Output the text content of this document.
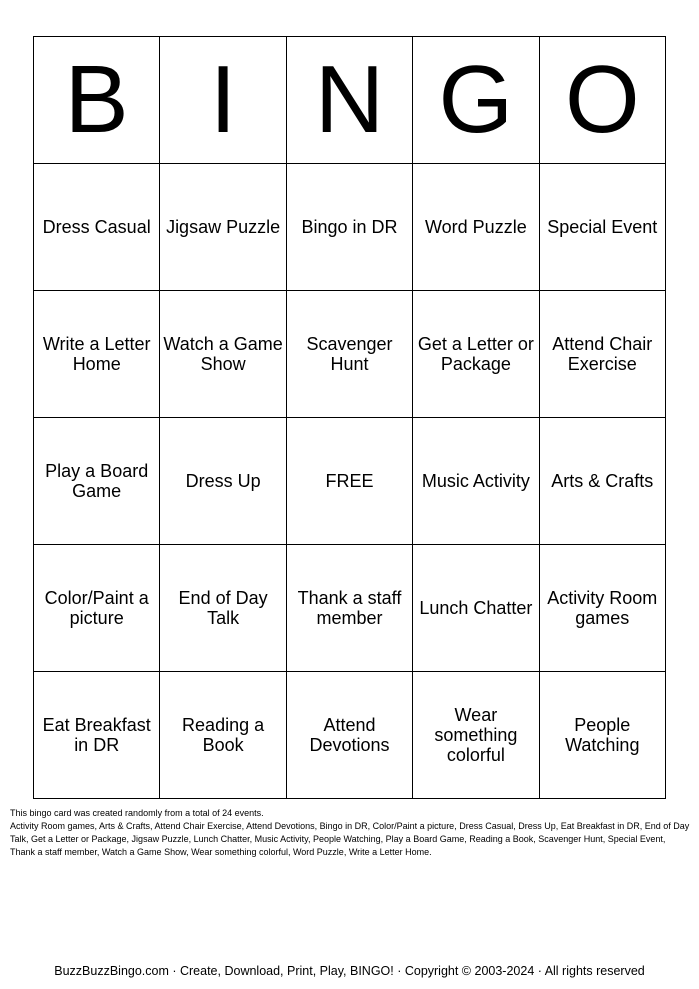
B	I	N	G	O
Dress Casual	Jigsaw Puzzle	Bingo in DR	Word Puzzle	Special Event
Write a Letter Home	Watch a Game Show	Scavenger Hunt	Get a Letter or Package	Attend Chair Exercise
Play a Board Game	Dress Up	FREE	Music Activity	Arts & Crafts
Color/Paint a picture	End of Day Talk	Thank a staff member	Lunch Chatter	Activity Room games
Eat Breakfast in DR	Reading a Book	Attend Devotions	Wear something colorful	People Watching

This bingo card was created randomly from a total of 24 events.

Activity Room games, Arts & Crafts, Attend Chair Exercise, Attend Devotions, Bingo in DR, Color/Paint a picture, Dress Casual, Dress Up, Eat Breakfast in DR, End of Day Talk, Get a Letter or Package, Jigsaw Puzzle, Lunch Chatter, Music Activity, People Watching, Play a Board Game, Reading a Book, Scavenger Hunt, Special Event, Thank a staff member, Watch a Game Show, Wear something colorful, Word Puzzle, Write a Letter Home.

BuzzBuzzBingo.com · Create, Download, Print, Play, BINGO! · Copyright © 2003-2024 · All rights reserved
